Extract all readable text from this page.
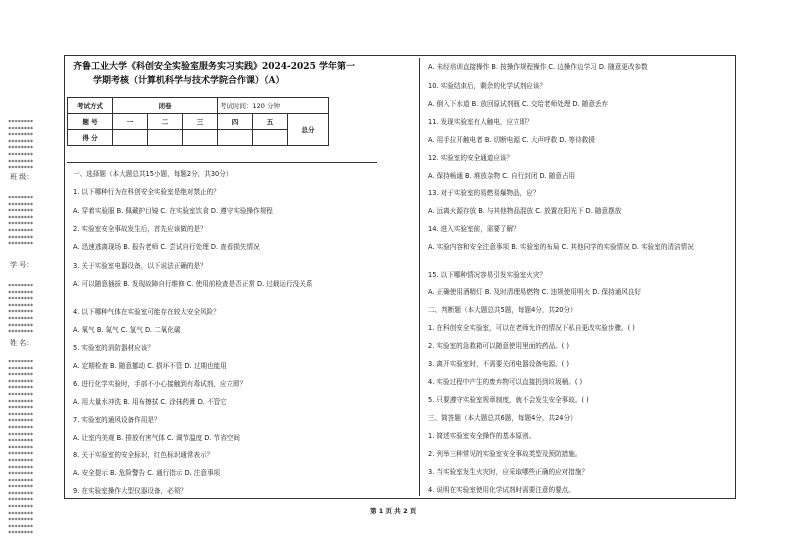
********
********
********
********
********
********
********
********
班 级：
********
********
********
********
********
********
********
********
学 号：
********
********
********
********
********
********
********
********
姓 名：
********
********
********
********
********
********
********
********
********
********
********
********
********
********
********
********
********
********
********
********
********
********
********
********
********
********
********
齐鲁工业大学《科创安全实验室服务实习实践》2024-2025 学年第一
学期考核（计算机科学与技术学院合作课）（A）
考试方式	闭卷			考试时间：120 分钟		
题 号	一	二	三	四	五	总分
得 分						
一、选择题（本大题总共15小题，每题2分，共30分）
1. 以下哪种行为在科创安全实验室是绝对禁止的？
A. 穿着实验服 B. 佩戴护目镜 C. 在实验室饮食 D. 遵守实验操作规程
2. 实验室安全事故发生后，首先应该做的是？
A. 迅速逃离现场 B. 报告老师 C. 尝试自行处理 D. 查看损失情况
3. 关于实验室电器设备，以下说法正确的是？
A. 可以随意插拔 B. 发现故障自行维修 C. 使用前检查是否正常 D. 过载运行没关系
4. 以下哪种气体在实验室可能存在较大安全风险？
A. 氧气 B. 氮气 C. 氢气 D. 二氧化碳
5. 实验室的消防器材应该？
A. 定期检查 B. 随意挪动 C. 损坏不管 D. 过期也能用
6. 进行化学实验时，手部不小心接触到有毒试剂，应立即？
A. 用大量水冲洗 B. 用布擦拭 C. 涂抹药膏 D. 不管它
7. 实验室的通风设备作用是？
A. 让室内美观 B. 排放有害气体 C. 调节温度 D. 节省空间
8. 关于实验室的安全标识，红色标识通常表示？
A. 安全提示 B. 危险警告 C. 通行指示 D. 注意事项
9. 在实验室操作大型仪器设备，必须？
A. 未经培训直接操作 B. 按操作规程操作 C. 边操作边学习 D. 随意更改参数
10. 实验结束后，剩余的化学试剂应该？
A. 倒入下水道 B. 放回原试剂瓶 C. 交给老师处理 D. 随意丢弃
11. 发现实验室有人触电，应立即？
A. 用手拉开触电者 B. 切断电源 C. 大声呼救 D. 等待救援
12. 实验室的安全通道应该？
A. 保持畅通 B. 堆放杂物 C. 自行封闭 D. 随意占用
13. 对于实验室的易燃易爆物品，应？
A. 远离火源存放 B. 与其他物品混放 C. 放置在阳光下 D. 随意摆放
14. 进入实验室前，需要了解？
A. 实验内容和安全注意事项 B. 实验室的布局 C. 其他同学的实验情况 D. 实验室的清洁情况
15. 以下哪种情况容易引发实验室火灾？
A. 正确使用酒精灯 B. 及时清理易燃物 C. 违规使用明火 D. 保持通风良好
二、判断题（本大题总共5题，每题4分，共20分）
1. 在科创安全实验室，可以在老师允许的情况下私自更改实验步骤。( )
2. 实验室的急救箱可以随意使用里面的药品。( )
3. 离开实验室时，不需要关闭电器设备电源。( )
4. 实验过程中产生的废弃物可以直接扔到垃圾桶。( )
5. 只要遵守实验室规章制度，就不会发生安全事故。( )
三、简答题（本大题总共6题，每题4分，共24分）
1. 简述实验室安全操作的基本原则。
2. 列举三种常见的实验室安全事故类型及预防措施。
3. 当实验室发生火灾时，应采取哪些正确的应对措施？
4. 说明在实验室使用化学试剂时需要注意的要点。
第 1 页 共 2 页
